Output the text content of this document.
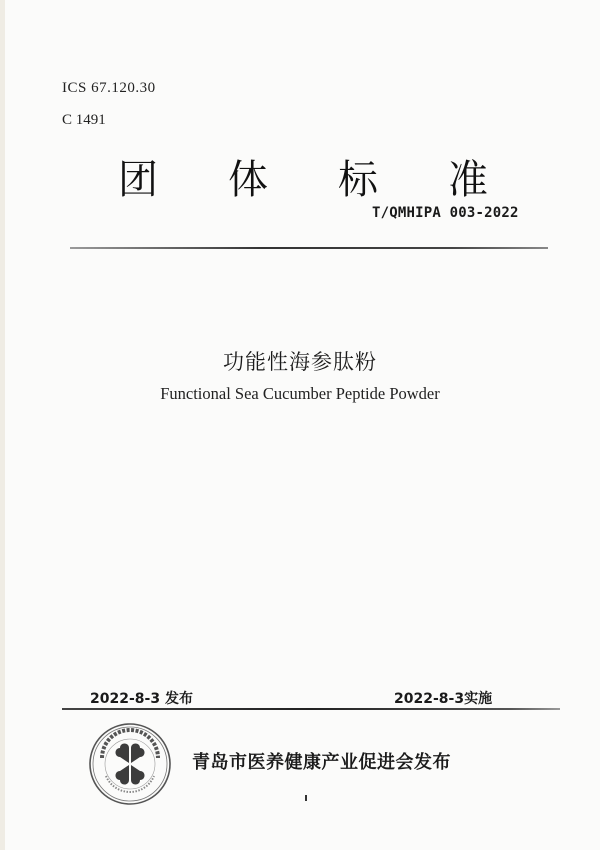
ICS 67.120.30
C 1491
团 体 标 准
T/QMHIPA 003-2022
功能性海参肽粉
Functional Sea Cucumber Peptide Powder
2022-8-3 发布	2022-8-3实施
青岛市医养健康产业促进会发布
